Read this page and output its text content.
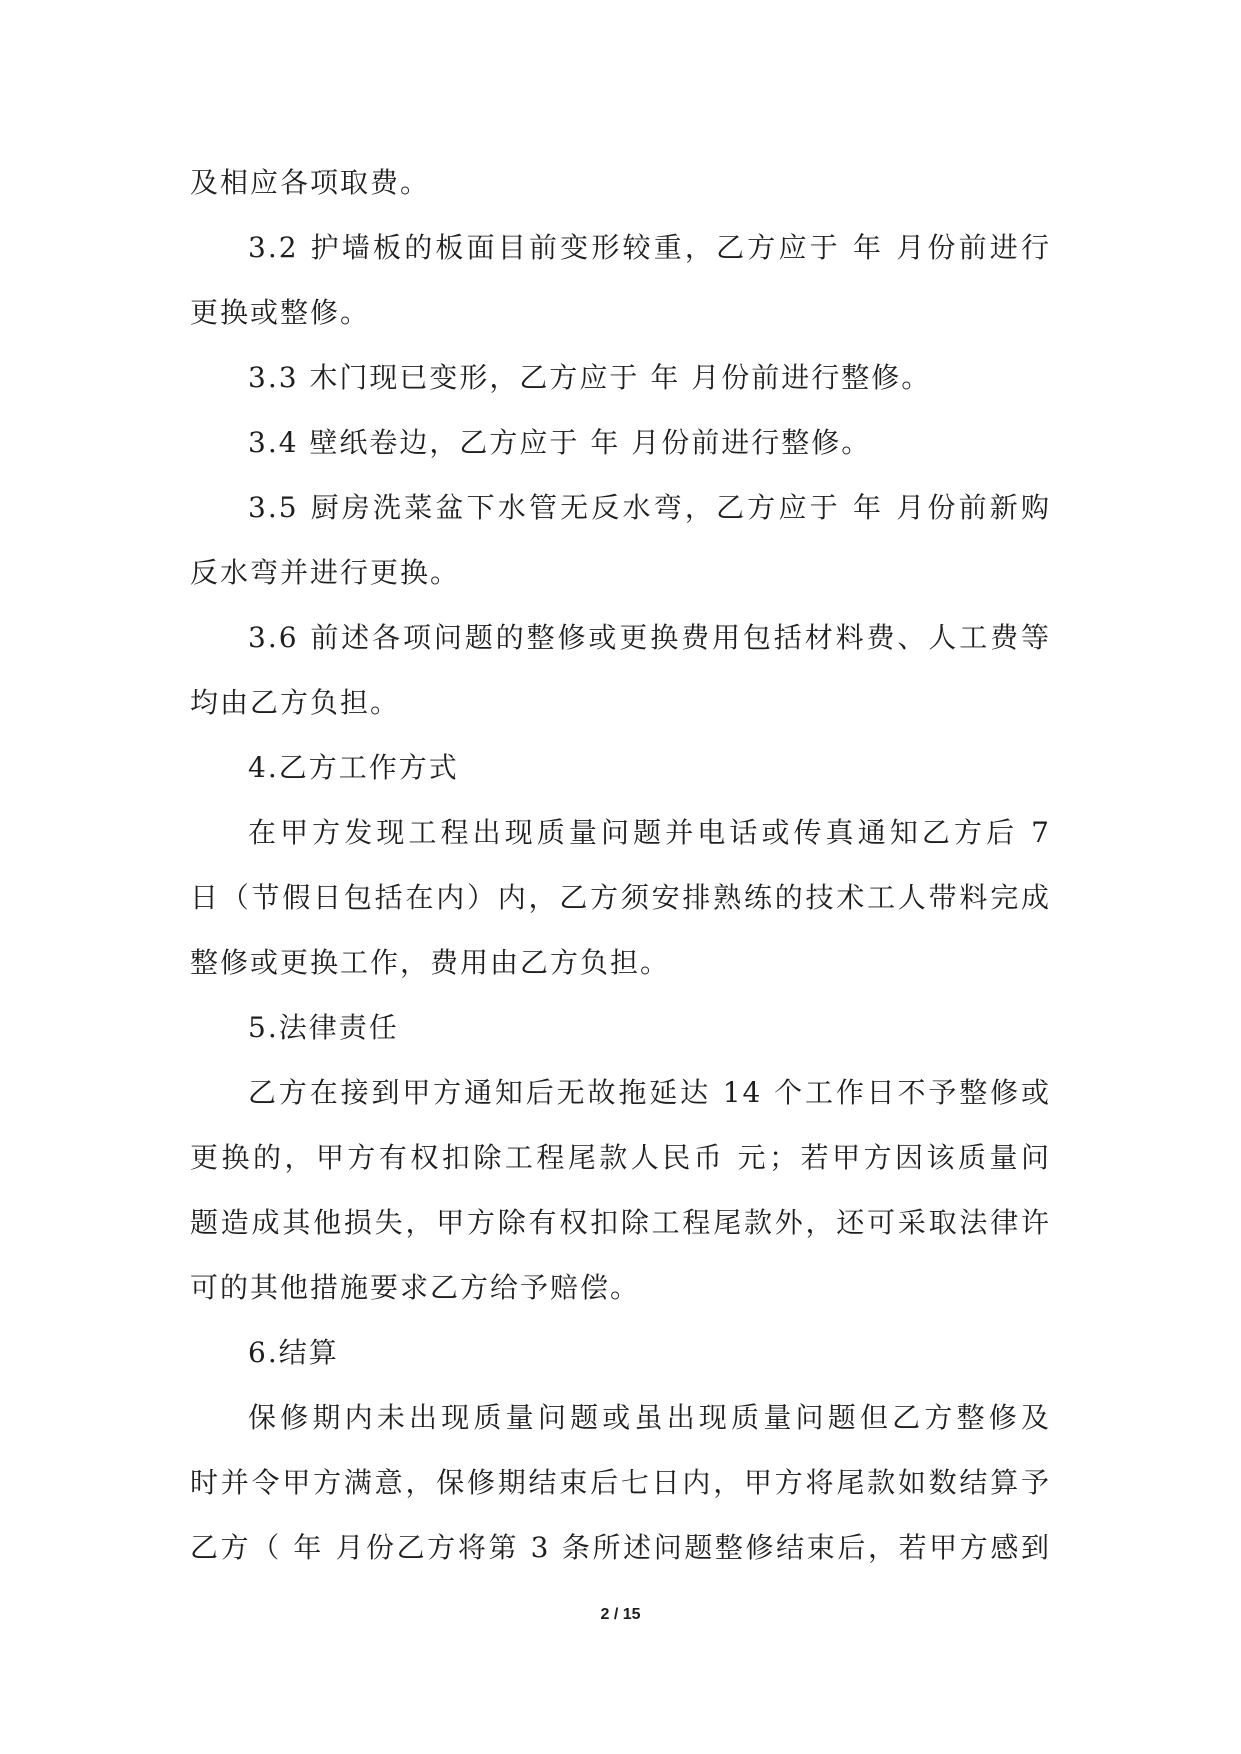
及相应各项取费。
3.2 护墙板的板面目前变形较重，乙方应于 年 月份前进行
更换或整修。
3.3 木门现已变形，乙方应于 年 月份前进行整修。
3.4 壁纸卷边，乙方应于 年 月份前进行整修。
3.5 厨房洗菜盆下水管无反水弯，乙方应于 年 月份前新购
反水弯并进行更换。
3.6 前述各项问题的整修或更换费用包括材料费、人工费等
均由乙方负担。
4.乙方工作方式
在甲方发现工程出现质量问题并电话或传真通知乙方后 7
日（节假日包括在内）内，乙方须安排熟练的技术工人带料完成
整修或更换工作，费用由乙方负担。
5.法律责任
乙方在接到甲方通知后无故拖延达 14 个工作日不予整修或
更换的，甲方有权扣除工程尾款人民币 元；若甲方因该质量问
题造成其他损失，甲方除有权扣除工程尾款外，还可采取法律许
可的其他措施要求乙方给予赔偿。
6.结算
保修期内未出现质量问题或虽出现质量问题但乙方整修及
时并令甲方满意，保修期结束后七日内，甲方将尾款如数结算予
乙方（ 年 月份乙方将第 3 条所述问题整修结束后，若甲方感到
2 / 15
